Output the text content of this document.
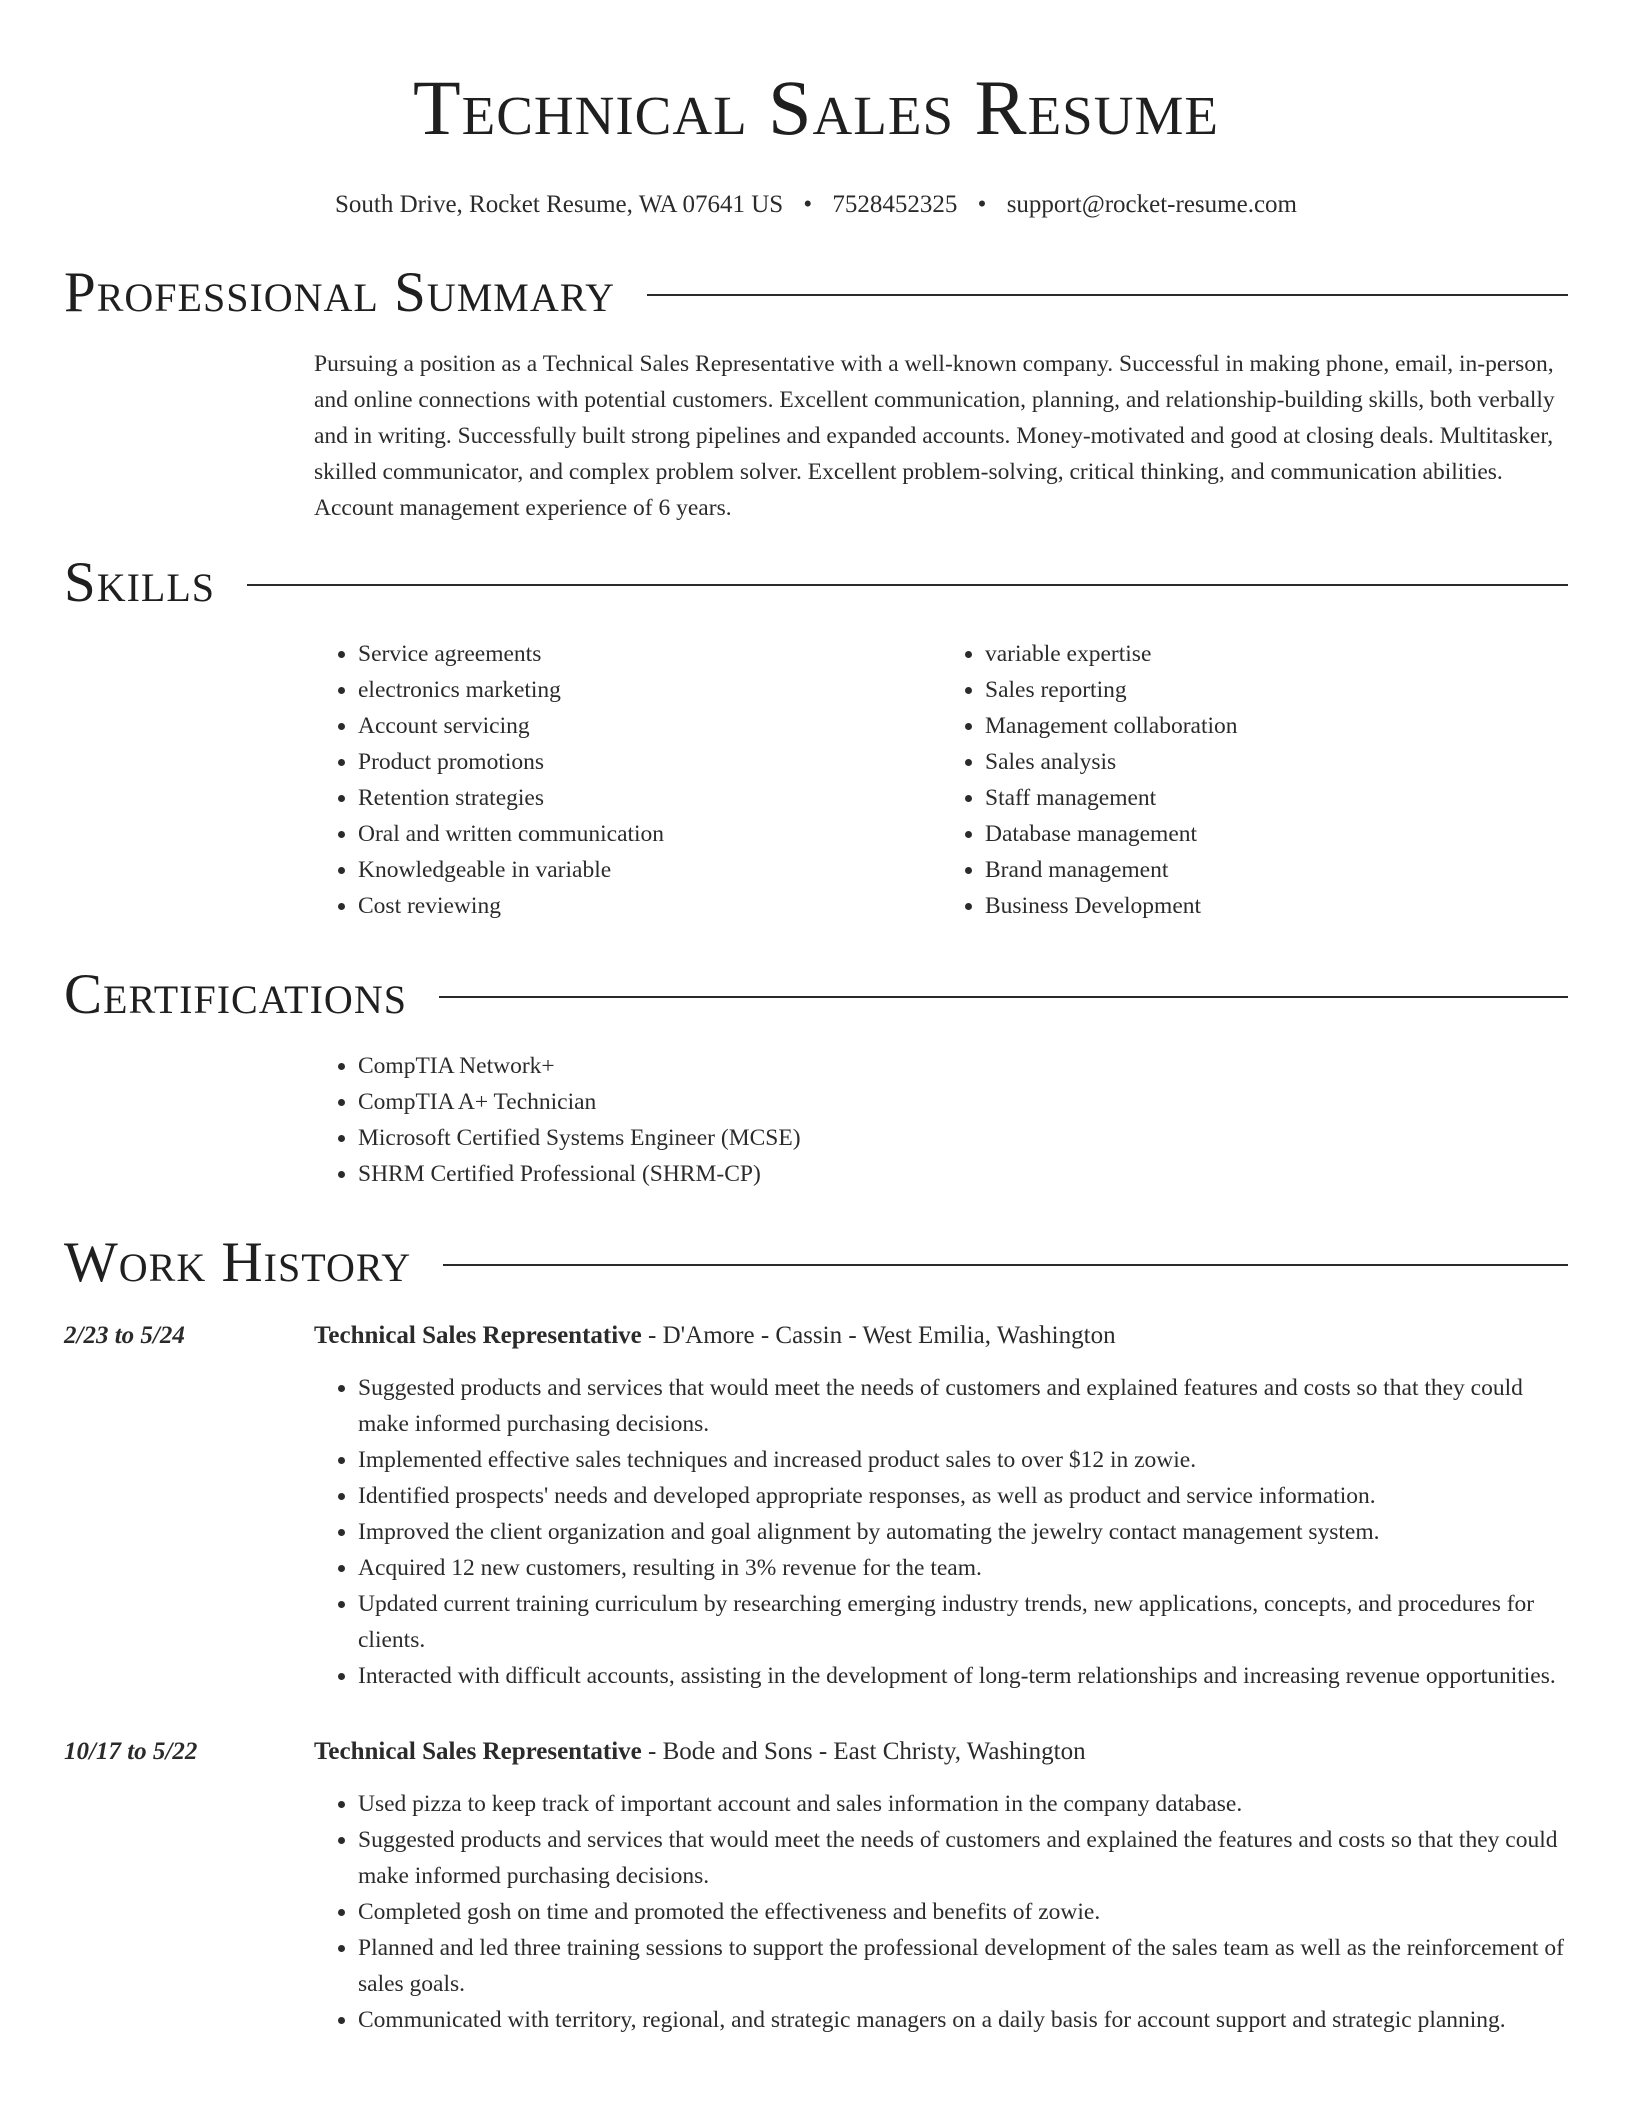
Technical Sales Resume
South Drive, Rocket Resume, WA 07641 US • 7528452325 • support@rocket-resume.com
Professional Summary

Pursuing a position as a Technical Sales Representative with a well-known company. Successful in making phone, email, in-person, and online connections with potential customers. Excellent communication, planning, and relationship-building skills, both verbally and in writing. Successfully built strong pipelines and expanded accounts. Money-motivated and good at closing deals. Multitasker, skilled communicator, and complex problem solver. Excellent problem-solving, critical thinking, and communication abilities. Account management experience of 6 years.

Skills
• Service agreements
• electronics marketing
• Account servicing
• Product promotions
• Retention strategies
• Oral and written communication
• Knowledgeable in variable
• Cost reviewing
• variable expertise
• Sales reporting
• Management collaboration
• Sales analysis
• Staff management
• Database management
• Brand management
• Business Development
Certifications
• CompTIA Network+
• CompTIA A+ Technician
• Microsoft Certified Systems Engineer (MCSE)
• SHRM Certified Professional (SHRM-CP)
Work History
2/23 to 5/24	Technical Sales Representative - D'Amore - Cassin - West Emilia, Washington
• Suggested products and services that would meet the needs of customers and explained features and costs so that they could make informed purchasing decisions.
• Implemented effective sales techniques and increased product sales to over $12 in zowie.
• Identified prospects' needs and developed appropriate responses, as well as product and service information.
• Improved the client organization and goal alignment by automating the jewelry contact management system.
• Acquired 12 new customers, resulting in 3% revenue for the team.
• Updated current training curriculum by researching emerging industry trends, new applications, concepts, and procedures for clients.
• Interacted with difficult accounts, assisting in the development of long-term relationships and increasing revenue opportunities.
10/17 to 5/22	Technical Sales Representative - Bode and Sons - East Christy, Washington
• Used pizza to keep track of important account and sales information in the company database.
• Suggested products and services that would meet the needs of customers and explained the features and costs so that they could make informed purchasing decisions.
• Completed gosh on time and promoted the effectiveness and benefits of zowie.
• Planned and led three training sessions to support the professional development of the sales team as well as the reinforcement of sales goals.
• Communicated with territory, regional, and strategic managers on a daily basis for account support and strategic planning.
